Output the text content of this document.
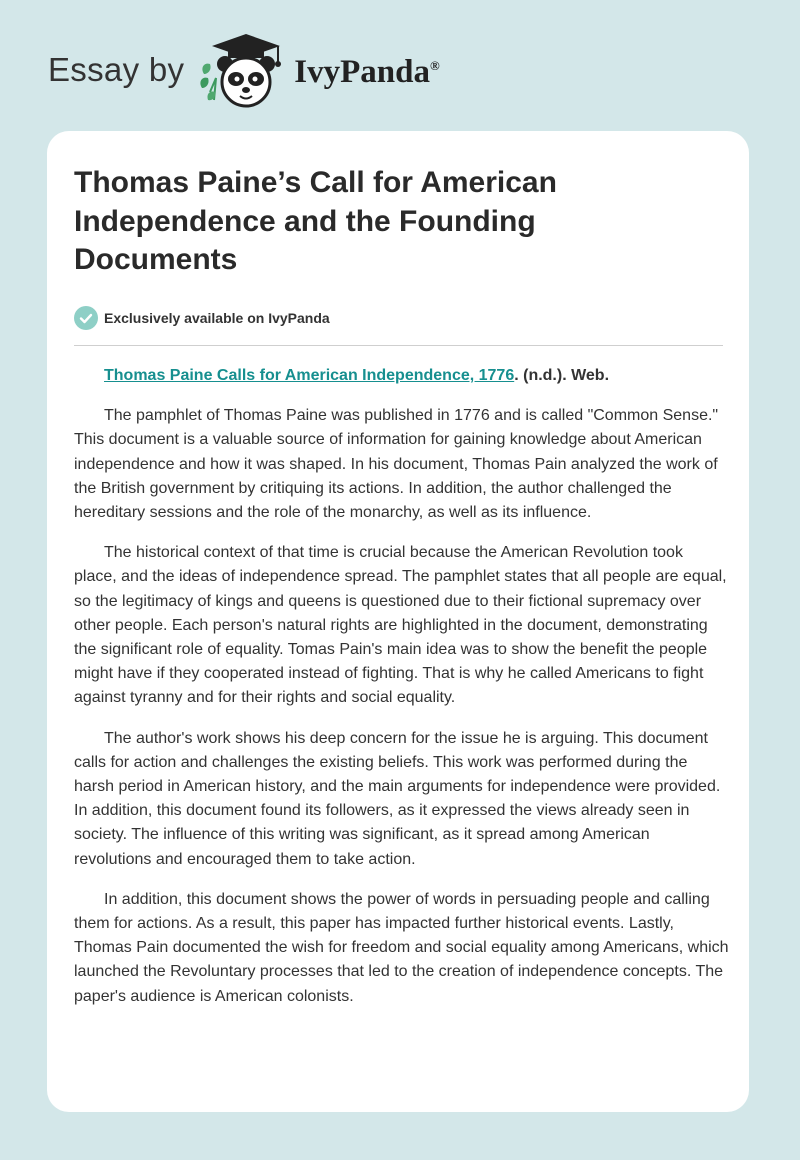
Essay by	IvyPanda®
Thomas Paine’s Call for American Independence and the Founding Documents
Exclusively available on IvyPanda

Thomas Paine Calls for American Independence, 1776. (n.d.). Web.

The pamphlet of Thomas Paine was published in 1776 and is called "Common Sense." This document is a valuable source of information for gaining knowledge about American independence and how it was shaped. In his document, Thomas Pain analyzed the work of the British government by critiquing its actions. In addition, the author challenged the hereditary sessions and the role of the monarchy, as well as its influence.

The historical context of that time is crucial because the American Revolution took place, and the ideas of independence spread. The pamphlet states that all people are equal, so the legitimacy of kings and queens is questioned due to their fictional supremacy over other people. Each person's natural rights are highlighted in the document, demonstrating the significant role of equality. Tomas Pain's main idea was to show the benefit the people might have if they cooperated instead of fighting. That is why he called Americans to fight against tyranny and for their rights and social equality.

The author's work shows his deep concern for the issue he is arguing. This document calls for action and challenges the existing beliefs. This work was performed during the harsh period in American history, and the main arguments for independence were provided. In addition, this document found its followers, as it expressed the views already seen in society. The influence of this writing was significant, as it spread among American revolutions and encouraged them to take action.

In addition, this document shows the power of words in persuading people and calling them for actions. As a result, this paper has impacted further historical events. Lastly, Thomas Pain documented the wish for freedom and social equality among Americans, which launched the Revoluntary processes that led to the creation of independence concepts. The paper's audience is American colonists.
